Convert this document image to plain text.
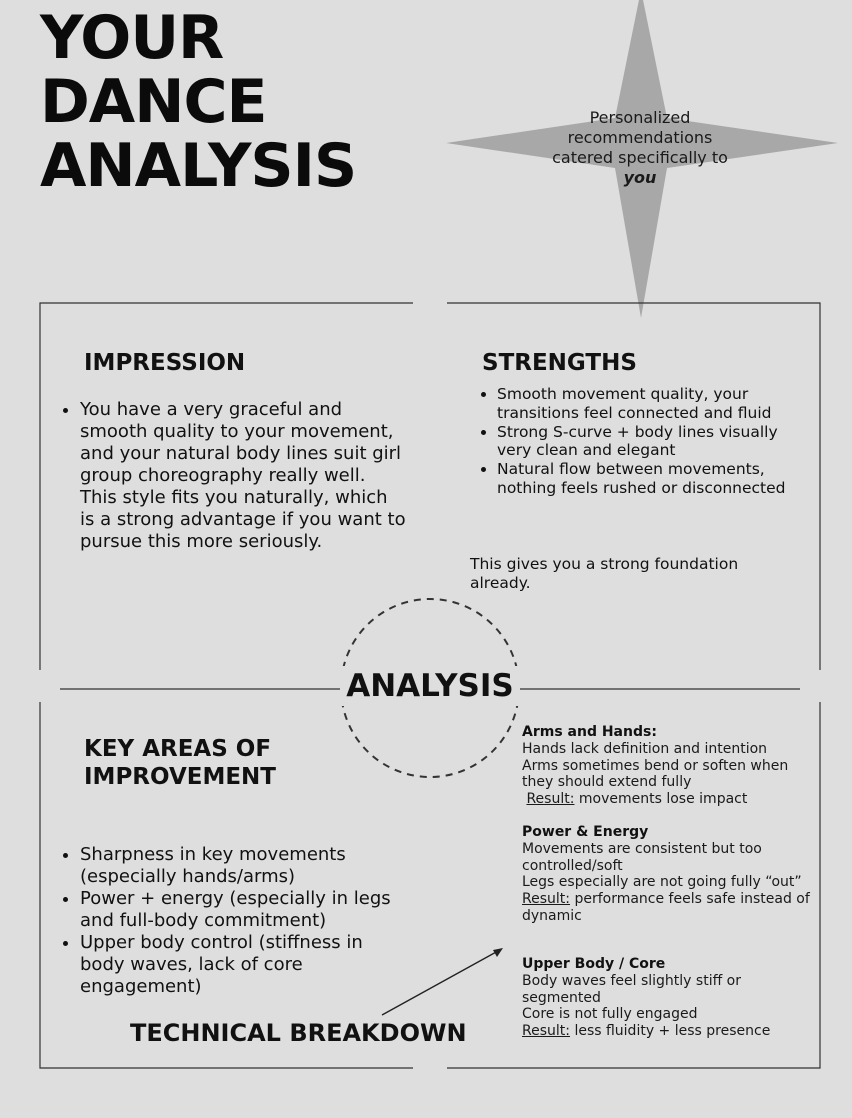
YOUR
DANCE
ANALYSIS
Personalized recommendations catered specifically to you
IMPRESSION
• You have a very graceful and smooth quality to your movement, and your natural body lines suit girl group choreography really well. This style fits you naturally, which is a strong advantage if you want to pursue this more seriously.
STRENGTHS
• Smooth movement quality, your transitions feel connected and fluid
• Strong S-curve + body lines visually very clean and elegant
• Natural flow between movements, nothing feels rushed or disconnected
This gives you a strong foundation already.
ANALYSIS
KEY AREAS OF
IMPROVEMENT
• Sharpness in key movements (especially hands/arms)
• Power + energy (especially in legs and full-body commitment)
• Upper body control (stiffness in body waves, lack of core engagement)
TECHNICAL BREAKDOWN
Arms and Hands:
Hands lack definition and intention
Arms sometimes bend or soften when they should extend fully
Result: movements lose impact
Power & Energy
Movements are consistent but too controlled/soft
Legs especially are not going fully “out”
Result: performance feels safe instead of dynamic
Upper Body / Core
Body waves feel slightly stiff or segmented
Core is not fully engaged
Result: less fluidity + less presence
